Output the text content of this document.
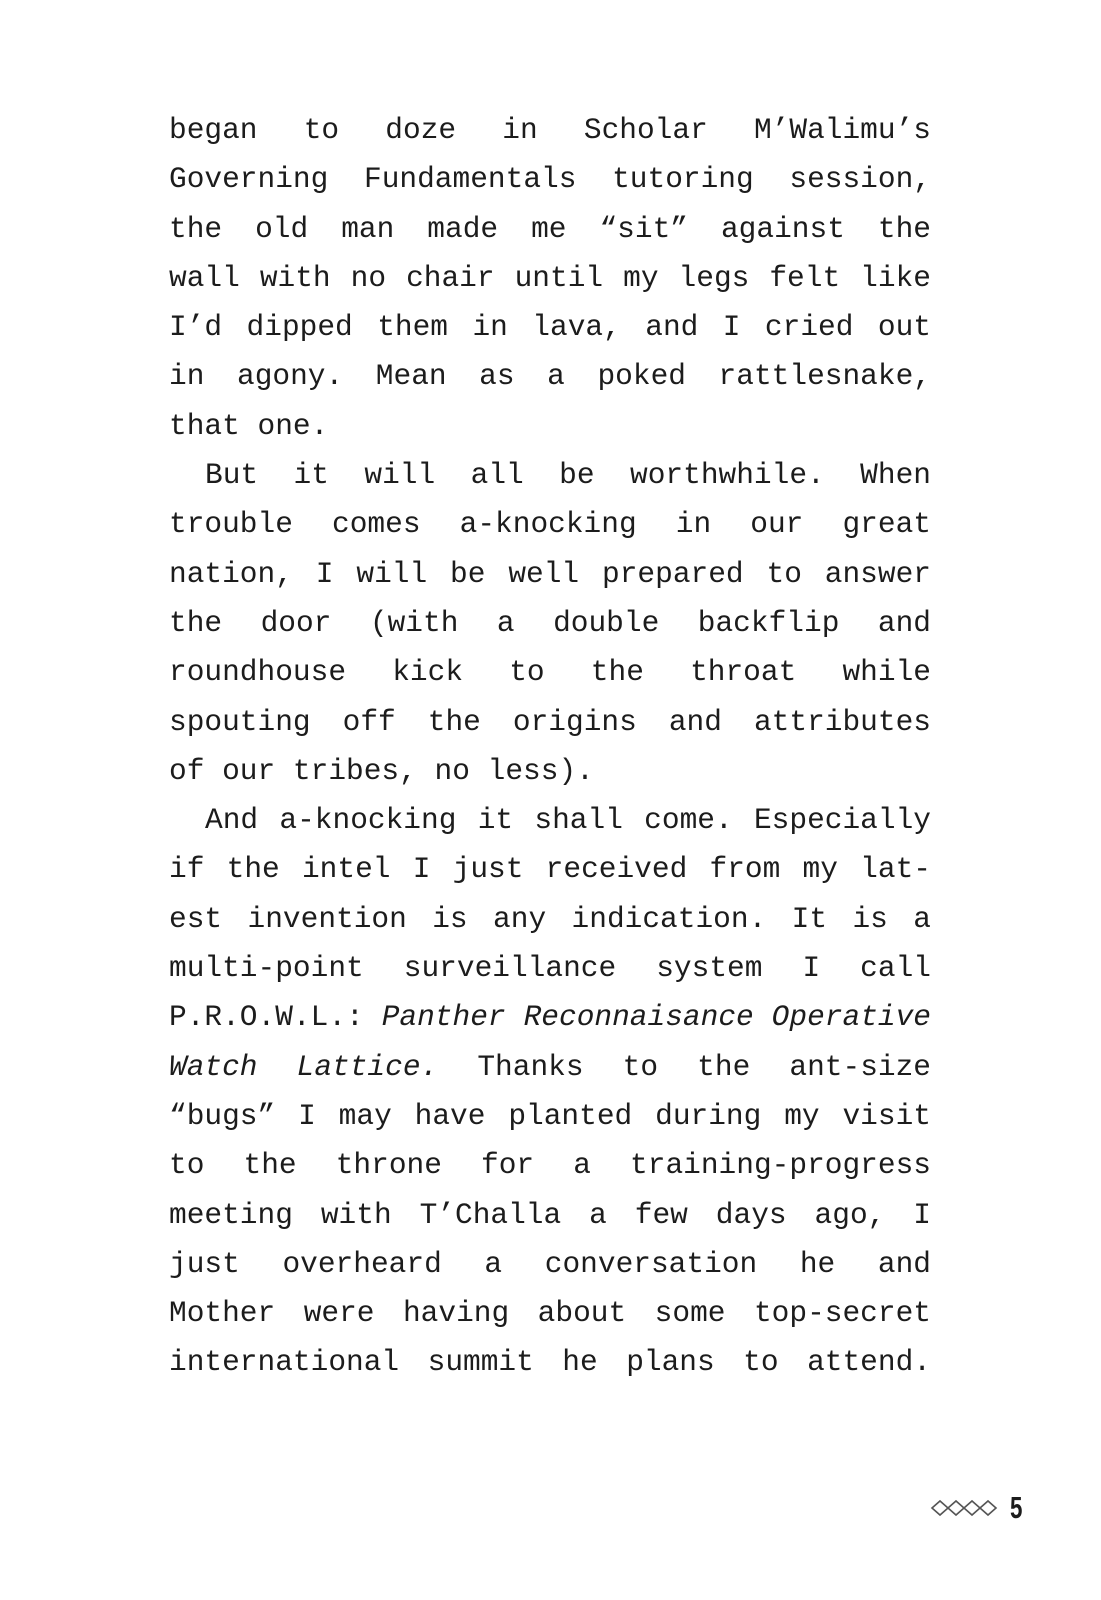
began to doze in Scholar M’Walimu’s
Governing Fundamentals tutoring session,
the old man made me “sit” against the
wall with no chair until my legs felt like
I’d dipped them in lava, and I cried out
in agony. Mean as a poked rattlesnake,
that one.
But it will all be worthwhile. When
trouble comes a-knocking in our great
nation, I will be well prepared to answer
the door (with a double backflip and
roundhouse kick to the throat while
spouting off the origins and attributes
of our tribes, no less).
And a-knocking it shall come. Especially
if the intel I just received from my lat-
est invention is any indication. It is a
multi-point surveillance system I call
P.R.O.W.L.: Panther Reconnaisance Operative
Watch Lattice. Thanks to the ant-size
“bugs” I may have planted during my visit
to the throne for a training-progress
meeting with T’Challa a few days ago, I
just overheard a conversation he and
Mother were having about some top-secret
international summit he plans to attend.
5
